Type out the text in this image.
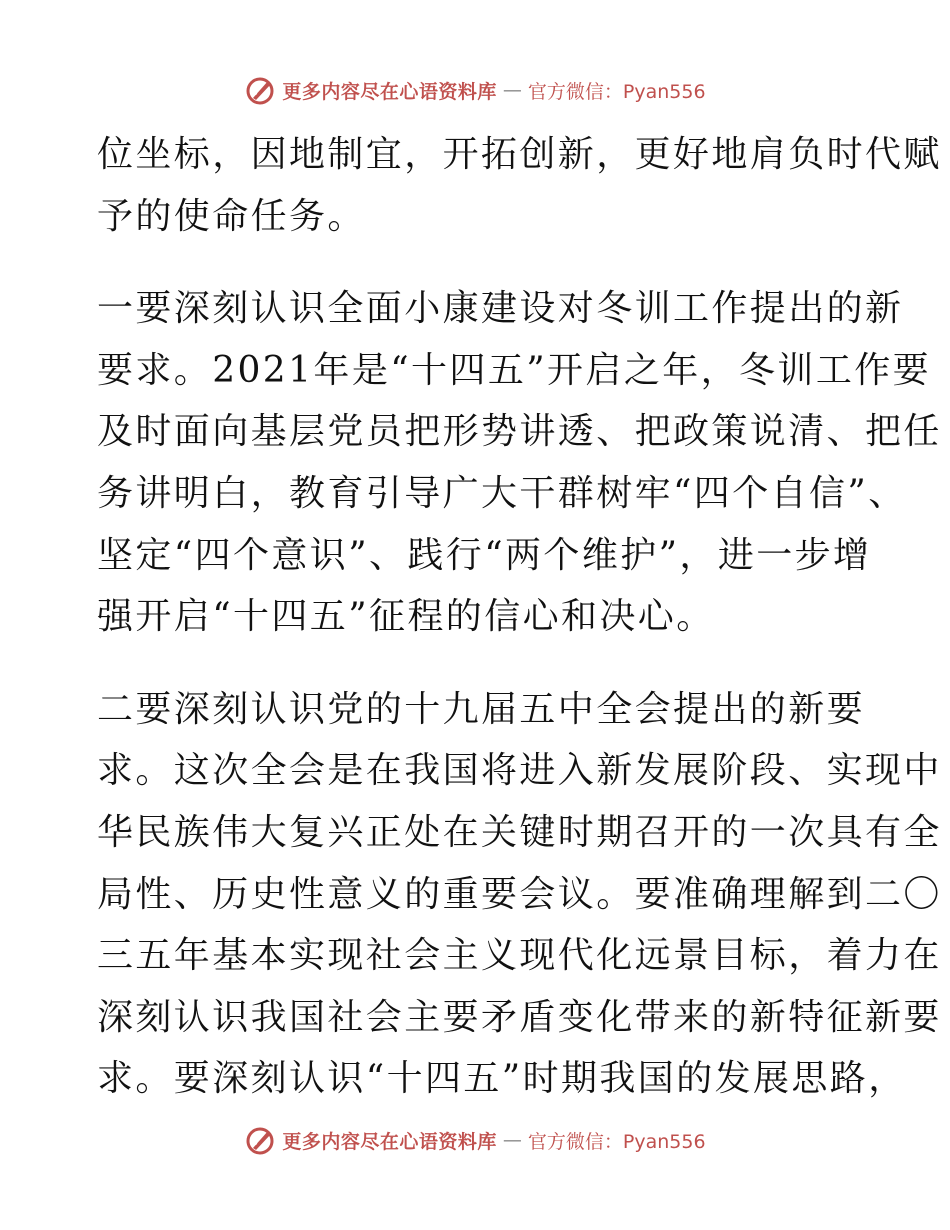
更多内容尽在心语资料库 — 官方微信：Pyan556
位坐标，因地制宜，开拓创新，更好地肩负时代赋
予的使命任务。
一要深刻认识全面小康建设对冬训工作提出的新
要求。2021年是“十四五”开启之年，冬训工作要
及时面向基层党员把形势讲透、把政策说清、把任
务讲明白，教育引导广大干群树牢“四个自信”、
坚定“四个意识”、践行“两个维护”，进一步增
强开启“十四五”征程的信心和决心。
二要深刻认识党的十九届五中全会提出的新要
求。这次全会是在我国将进入新发展阶段、实现中
华民族伟大复兴正处在关键时期召开的一次具有全
局性、历史性意义的重要会议。要准确理解到二〇
三五年基本实现社会主义现代化远景目标，着力在
深刻认识我国社会主要矛盾变化带来的新特征新要
求。要深刻认识“十四五”时期我国的发展思路，
更多内容尽在心语资料库 — 官方微信：Pyan556
